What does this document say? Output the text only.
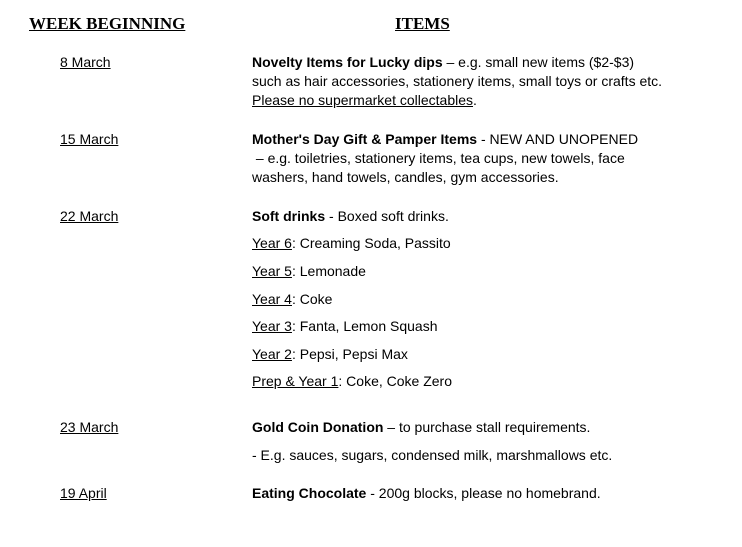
WEEK BEGINNING	ITEMS
8 March	Novelty Items for Lucky dips – e.g. small new items ($2-$3)
such as hair accessories, stationery items, small toys or crafts etc.
Please no supermarket collectables.
15 March	Mother's Day Gift & Pamper Items - NEW AND UNOPENED
– e.g. toiletries, stationery items, tea cups, new towels, face
washers, hand towels, candles, gym accessories.
22 March	Soft drinks - Boxed soft drinks.
Year 6: Creaming Soda, Passito
Year 5: Lemonade
Year 4: Coke
Year 3: Fanta, Lemon Squash
Year 2: Pepsi, Pepsi Max
Prep & Year 1: Coke, Coke Zero
23 March	Gold Coin Donation – to purchase stall requirements.
- E.g. sauces, sugars, condensed milk, marshmallows etc.
19 April	Eating Chocolate - 200g blocks, please no homebrand.
